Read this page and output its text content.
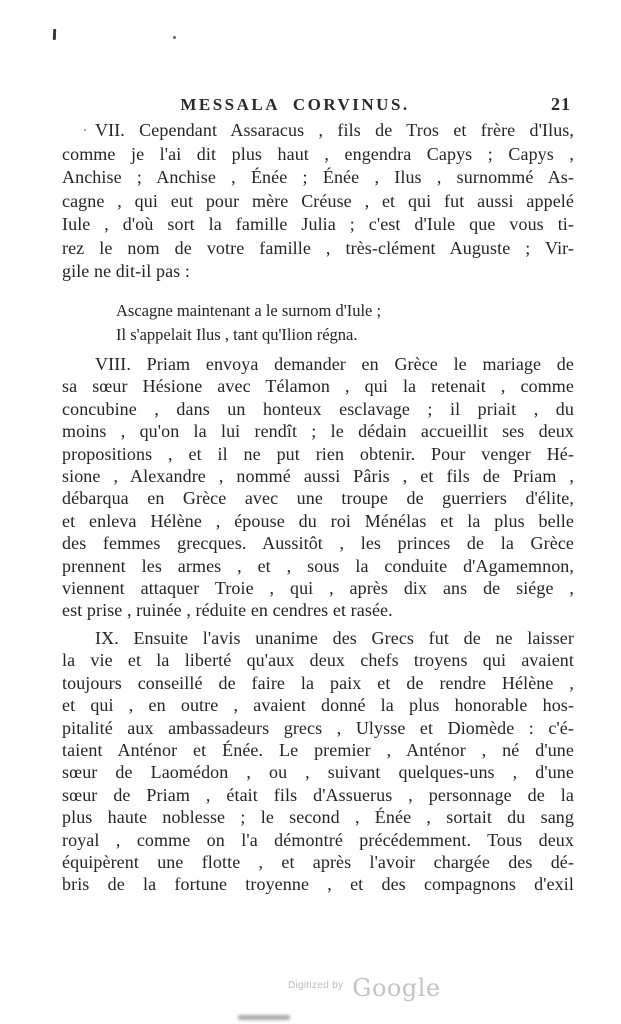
MESSALA CORVINUS.	21
VII. Cependant Assaracus , fils de Tros et frère d'Ilus,
comme je l'ai dit plus haut , engendra Capys ; Capys ,
Anchise ; Anchise , Énée ; Énée , Ilus , surnommé As-
cagne , qui eut pour mère Créuse , et qui fut aussi appelé
Iule , d'où sort la famille Julia ; c'est d'Iule que vous ti-
rez le nom de votre famille , très-clément Auguste ; Vir-
gile ne dit-il pas :
Ascagne maintenant a le surnom d'Iule ;
Il s'appelait Ilus , tant qu'Ilion régna.
VIII. Priam envoya demander en Grèce le mariage de
sa sœur Hésione avec Télamon , qui la retenait , comme
concubine , dans un honteux esclavage ; il priait , du
moins , qu'on la lui rendît ; le dédain accueillit ses deux
propositions , et il ne put rien obtenir. Pour venger Hé-
sione , Alexandre , nommé aussi Pâris , et fils de Priam ,
débarqua en Grèce avec une troupe de guerriers d'élite,
et enleva Hélène , épouse du roi Ménélas et la plus belle
des femmes grecques. Aussitôt , les princes de la Grèce
prennent les armes , et , sous la conduite d'Agamemnon,
viennent attaquer Troie , qui , après dix ans de siége ,
est prise , ruinée , réduite en cendres et rasée.
IX. Ensuite l'avis unanime des Grecs fut de ne laisser
la vie et la liberté qu'aux deux chefs troyens qui avaient
toujours conseillé de faire la paix et de rendre Hélène ,
et qui , en outre , avaient donné la plus honorable hos-
pitalité aux ambassadeurs grecs , Ulysse et Diomède : c'é-
taient Anténor et Énée. Le premier , Anténor , né d'une
sœur de Laomédon , ou , suivant quelques-uns , d'une
sœur de Priam , était fils d'Assuerus , personnage de la
plus haute noblesse ; le second , Énée , sortait du sang
royal , comme on l'a démontré précédemment. Tous deux
équipèrent une flotte , et après l'avoir chargée des dé-
bris de la fortune troyenne , et des compagnons d'exil
$^{Digitized by}$ Google
